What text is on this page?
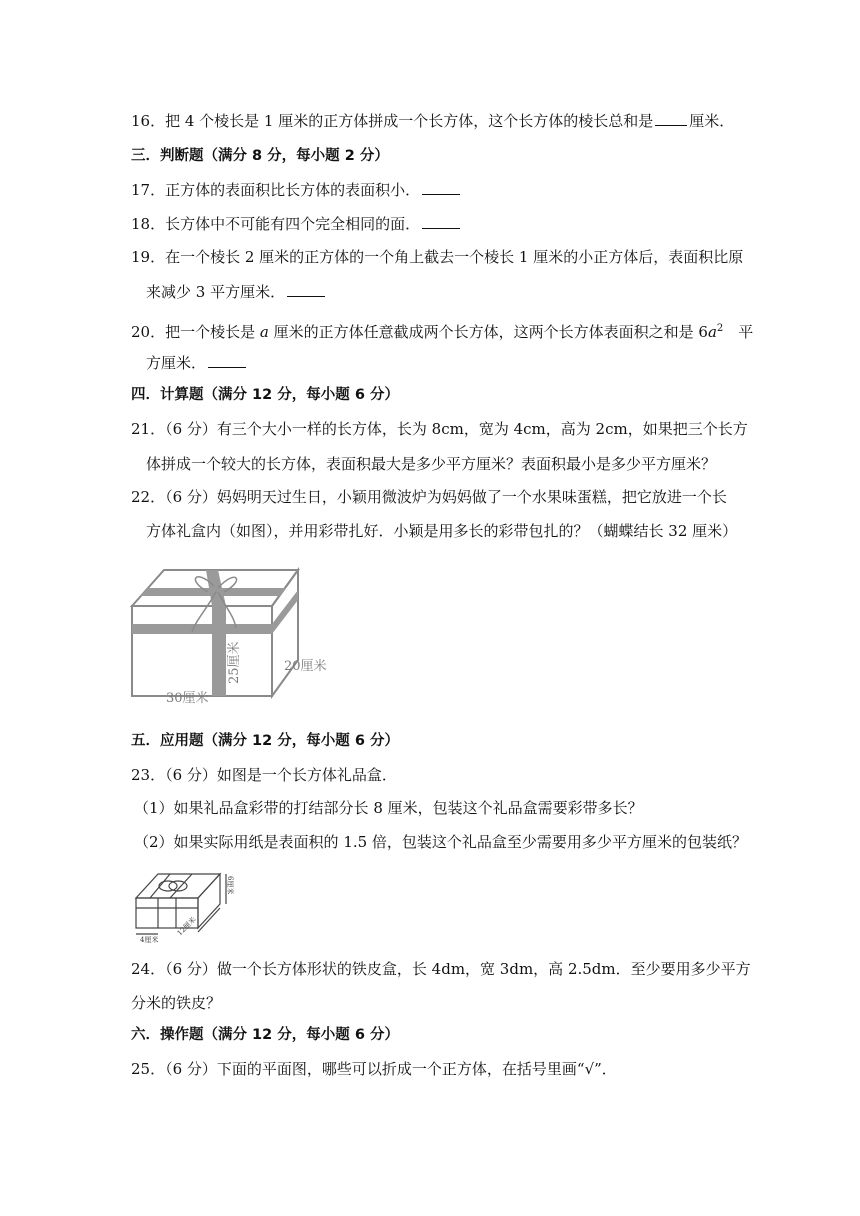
16．把 4 个棱长是 1 厘米的正方体拼成一个长方体，这个长方体的棱长总和是 厘米．
三．判断题（满分 8 分，每小题 2 分）
17．正方体的表面积比长方体的表面积小．
18．长方体中不可能有四个完全相同的面．
19．在一个棱长 2 厘米的正方体的一个角上截去一个棱长 1 厘米的小正方体后，表面积比原
来减少 3 平方厘米．
20．把一个棱长是 a 厘米的正方体任意截成两个长方体，这两个长方体表面积之和是 $6a^2$　平
方厘米．
四．计算题（满分 12 分，每小题 6 分）
21．（6 分）有三个大小一样的长方体，长为 8cm，宽为 4cm，高为 2cm，如果把三个长方
体拼成一个较大的长方体，表面积最大是多少平方厘米？表面积最小是多少平方厘米？
22．（6 分）妈妈明天过生日，小颖用微波炉为妈妈做了一个水果味蛋糕，把它放进一个长
方体礼盒内（如图），并用彩带扎好．小颖是用多长的彩带包扎的？（蝴蝶结长 32 厘米）
25厘米	20厘米
30厘米
五．应用题（满分 12 分，每小题 6 分）
23．（6 分）如图是一个长方体礼品盒．
（1）如果礼品盒彩带的打结部分长 8 厘米，包装这个礼品盒需要彩带多长？
（2）如果实际用纸是表面积的 1.5 倍，包装这个礼品盒至少需要用多少平方厘米的包装纸？
6厘米
12厘米
4厘米
24．（6 分）做一个长方体形状的铁皮盒，长 4dm，宽 3dm，高 2.5dm．至少要用多少平方
分米的铁皮？
六．操作题（满分 12 分，每小题 6 分）
25．（6 分）下面的平面图，哪些可以折成一个正方体，在括号里画“√”．
